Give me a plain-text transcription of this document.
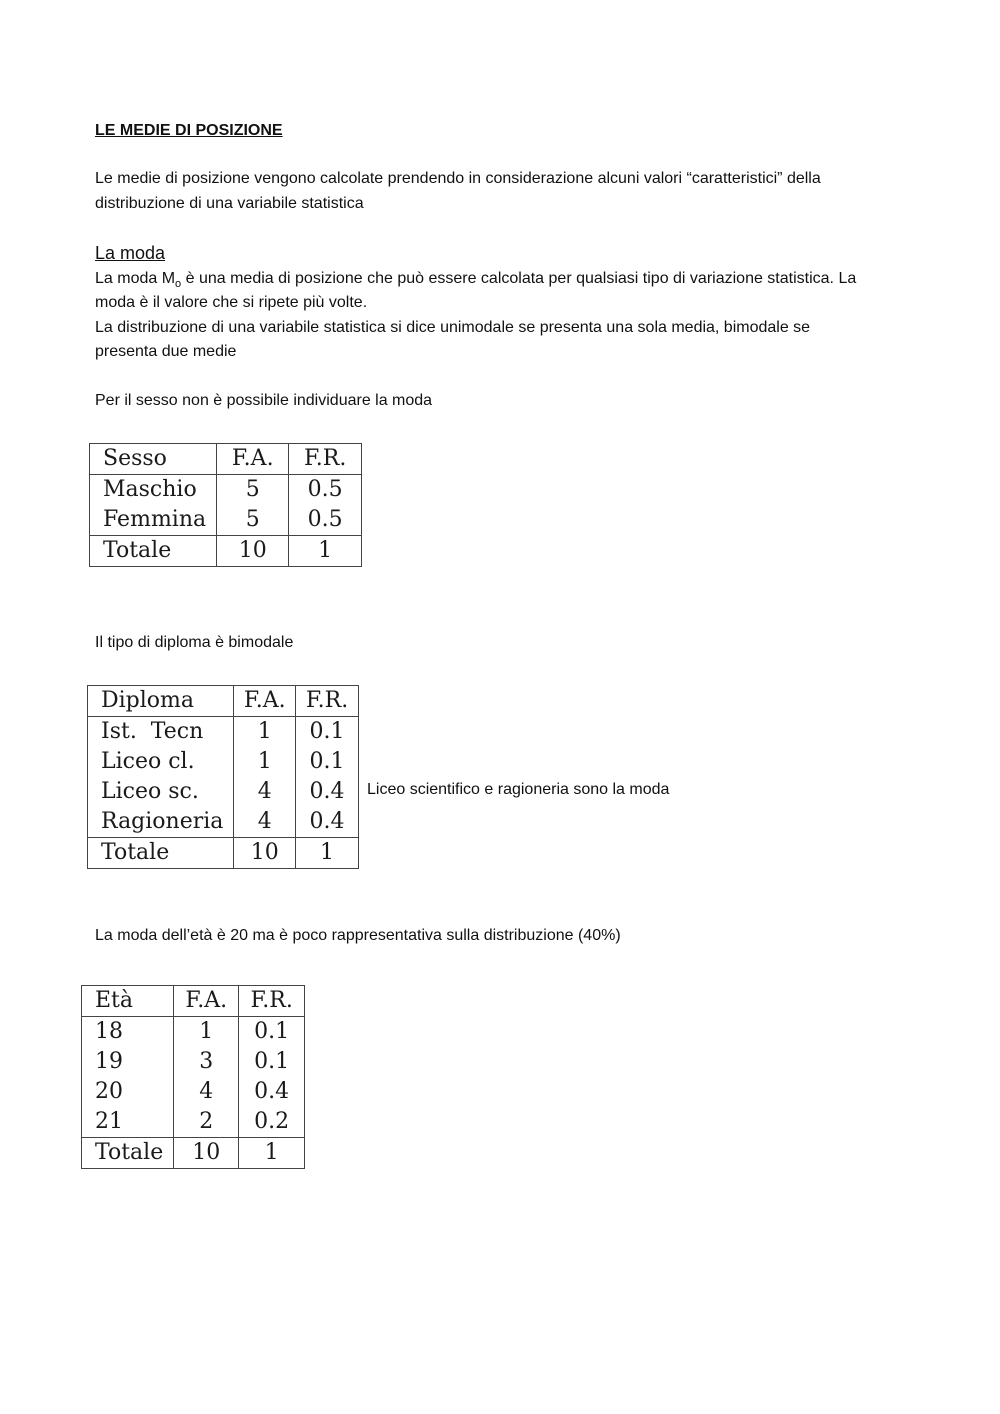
LE MEDIE DI POSIZIONE
Le medie di posizione vengono calcolate prendendo in considerazione alcuni valori “caratteristici” della
distribuzione di una variabile statistica
La moda
La moda $M_o$ è una media di posizione che può essere calcolata per qualsiasi tipo di variazione statistica. La
moda è il valore che si ripete più volte.
La distribuzione di una variabile statistica si dice unimodale se presenta una sola media, bimodale se
presenta due medie
Per il sesso non è possibile individuare la moda
Sesso	F.A.	F.R.
Maschio	5	0.5
Femmina	5	0.5
Totale	10	1
Il tipo di diploma è bimodale
Diploma	F.A.	F.R.
Ist.  Tecn	1	0.1
Liceo cl.	1	0.1
Liceo sc.	4	0.4
Ragioneria	4	0.4
Totale	10	1
Liceo scientifico e ragioneria sono la moda
La moda dell’età è 20 ma è poco rappresentativa sulla distribuzione (40%)
Età	F.A.	F.R.
18	1	0.1
19	3	0.1
20	4	0.4
21	2	0.2
Totale	10	1
